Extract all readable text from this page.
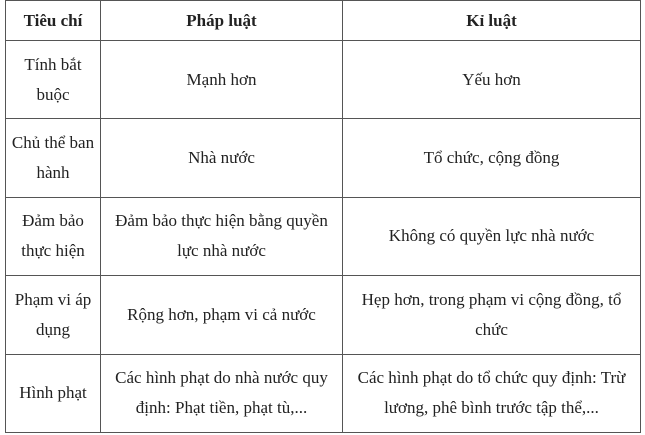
Tiêu chí	Pháp luật	Kỉ luật
Tính bắt buộc	Mạnh hơn	Yếu hơn
Chủ thể ban hành	Nhà nước	Tổ chức, cộng đồng
Đảm bảo thực hiện	Đảm bảo thực hiện bằng quyền lực nhà nước	Không có quyền lực nhà nước
Phạm vi áp dụng	Rộng hơn, phạm vi cả nước	Hẹp hơn, trong phạm vi cộng đồng, tổ chức
Hình phạt	Các hình phạt do nhà nước quy định: Phạt tiền, phạt tù,...	Các hình phạt do tổ chức quy định: Trừ lương, phê bình trước tập thể,...
